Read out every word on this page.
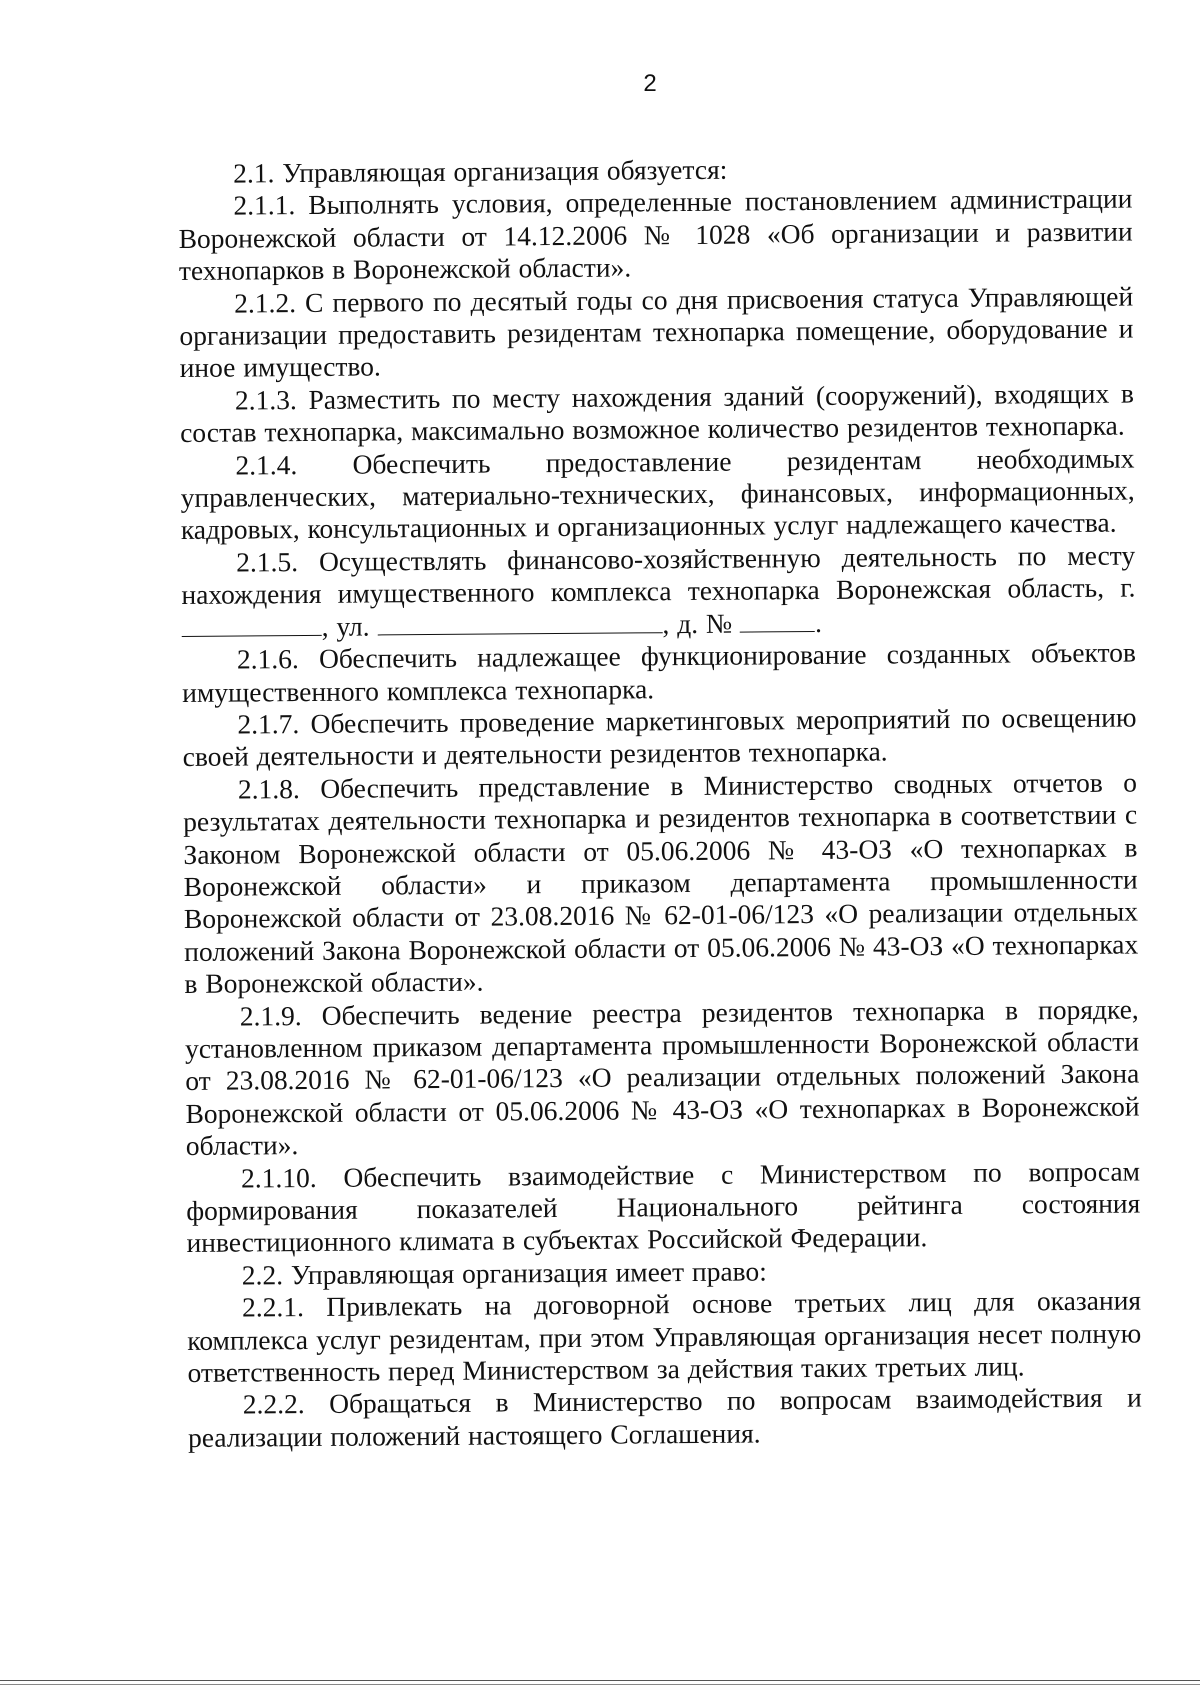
2

2.1. Управляющая организация обязуется:

2.1.1. Выполнять условия, определенные постановлением администрации Воронежской области от 14.12.2006 № 1028 «Об организации и развитии технопарков в Воронежской области».

2.1.2. С первого по десятый годы со дня присвоения статуса Управляющей организации предоставить резидентам технопарка помещение, оборудование и иное имущество.

2.1.3. Разместить по месту нахождения зданий (сооружений), входящих в состав технопарка, максимально возможное количество резидентов технопарка.

2.1.4. Обеспечить предоставление резидентам необходимых управленческих, материально-технических, финансовых, информационных, кадровых, консультационных и организационных услуг надлежащего качества.

2.1.5. Осуществлять финансово-хозяйственную деятельность по месту нахождения имущественного комплекса технопарка Воронежская область, г. , ул.	, д. №	.

2.1.6. Обеспечить надлежащее функционирование созданных объектов имущественного комплекса технопарка.

2.1.7. Обеспечить проведение маркетинговых мероприятий по освещению своей деятельности и деятельности резидентов технопарка.

2.1.8. Обеспечить представление в Министерство сводных отчетов о результатах деятельности технопарка и резидентов технопарка в соответствии с Законом Воронежской области от 05.06.2006 № 43-ОЗ «О технопарках в Воронежской области» и приказом департамента промышленности Воронежской области от 23.08.2016 № 62-01-06/123 «О реализации отдельных положений Закона Воронежской области от 05.06.2006 № 43-ОЗ «О технопарках в Воронежской области».

2.1.9. Обеспечить ведение реестра резидентов технопарка в порядке, установленном приказом департамента промышленности Воронежской области от 23.08.2016 № 62-01-06/123 «О реализации отдельных положений Закона Воронежской области от 05.06.2006 № 43-ОЗ «О технопарках в Воронежской области».

2.1.10. Обеспечить взаимодействие с Министерством по вопросам формирования показателей Национального рейтинга состояния инвестиционного климата в субъектах Российской Федерации.

2.2. Управляющая организация имеет право:

2.2.1. Привлекать на договорной основе третьих лиц для оказания комплекса услуг резидентам, при этом Управляющая организация несет полную ответственность перед Министерством за действия таких третьих лиц.

2.2.2. Обращаться в Министерство по вопросам взаимодействия и реализации положений настоящего Соглашения.
